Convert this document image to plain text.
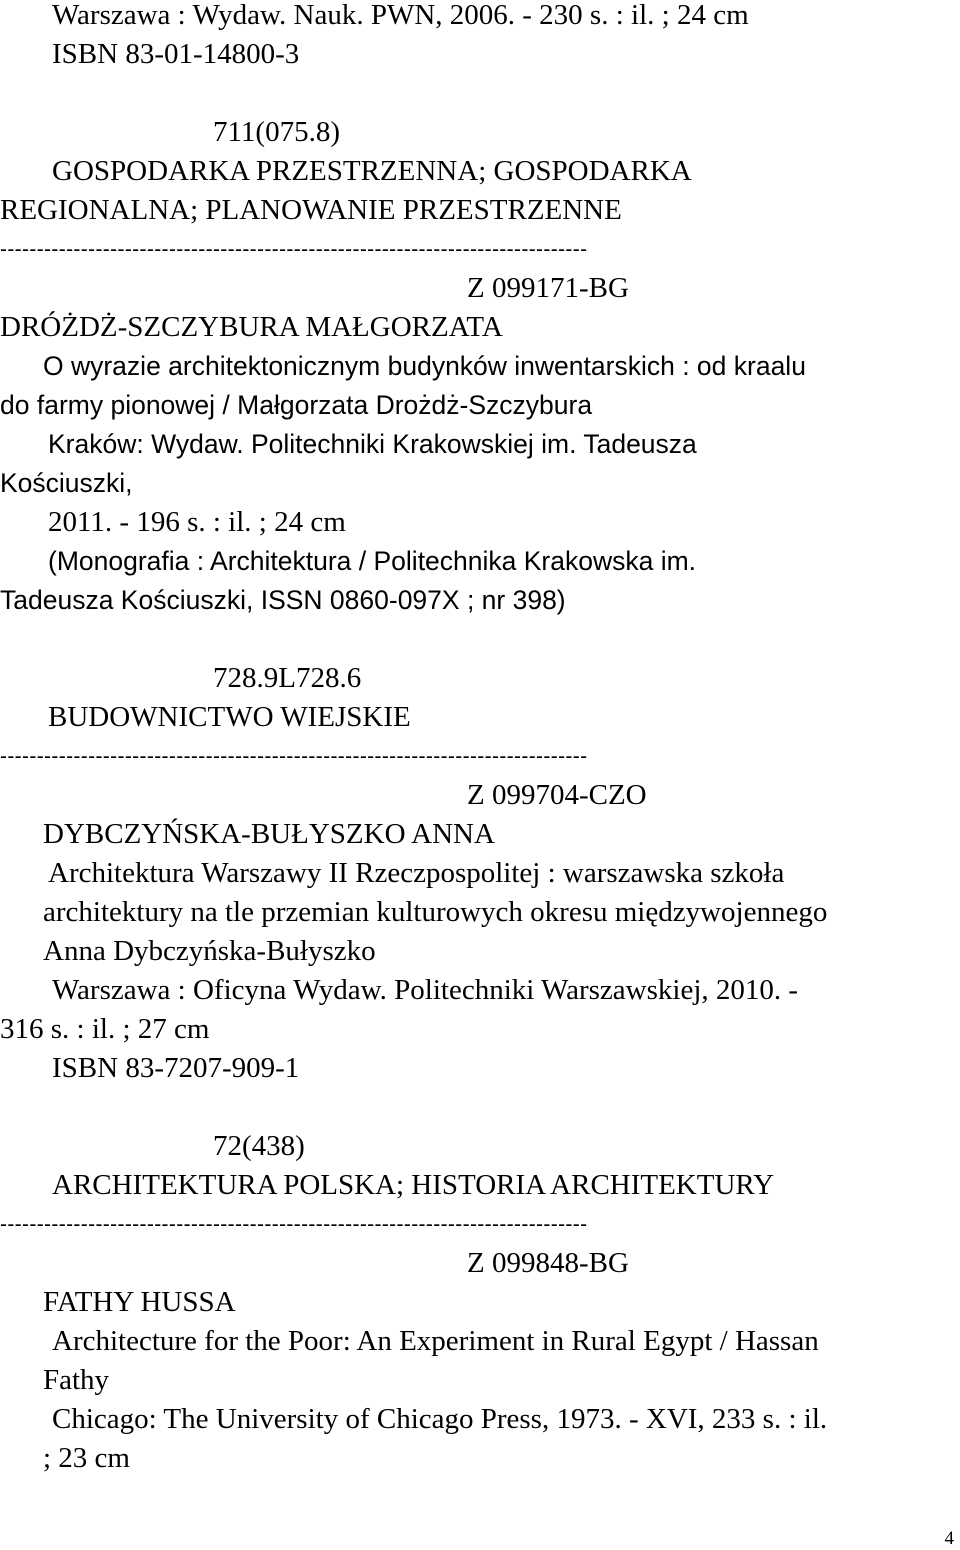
Warszawa : Wydaw. Nauk. PWN, 2006. - 230 s. : il. ; 24 cm
ISBN 83-01-14800-3
711(075.8)
GOSPODARKA PRZESTRZENNA; GOSPODARKA
REGIONALNA; PLANOWANIE PRZESTRZENNE
--------------------------------------------------------------------------------
Z 099171-BG
DRÓŻDŻ-SZCZYBURA MAŁGORZATA
O wyrazie architektonicznym budynków inwentarskich : od kraalu
do farmy pionowej / Małgorzata Drożdż-Szczybura
Kraków: Wydaw. Politechniki Krakowskiej im. Tadeusza
Kościuszki,
2011. - 196 s. : il. ; 24 cm
(Monografia : Architektura / Politechnika Krakowska im.
Tadeusza Kościuszki, ISSN 0860-097X ; nr 398)
728.9L728.6
BUDOWNICTWO WIEJSKIE
--------------------------------------------------------------------------------
Z 099704-CZO
DYBCZYŃSKA-BUŁYSZKO ANNA
Architektura Warszawy II Rzeczpospolitej : warszawska szkoła
architektury na tle przemian kulturowych okresu międzywojennego
Anna Dybczyńska-Bułyszko
Warszawa : Oficyna Wydaw. Politechniki Warszawskiej, 2010. -
316 s. : il. ; 27 cm
ISBN 83-7207-909-1
72(438)
ARCHITEKTURA POLSKA; HISTORIA ARCHITEKTURY
--------------------------------------------------------------------------------
Z 099848-BG
FATHY HUSSA
Architecture for the Poor: An Experiment in Rural Egypt / Hassan
Fathy
Chicago: The University of Chicago Press, 1973. - XVI, 233 s. : il.
; 23 cm
4
